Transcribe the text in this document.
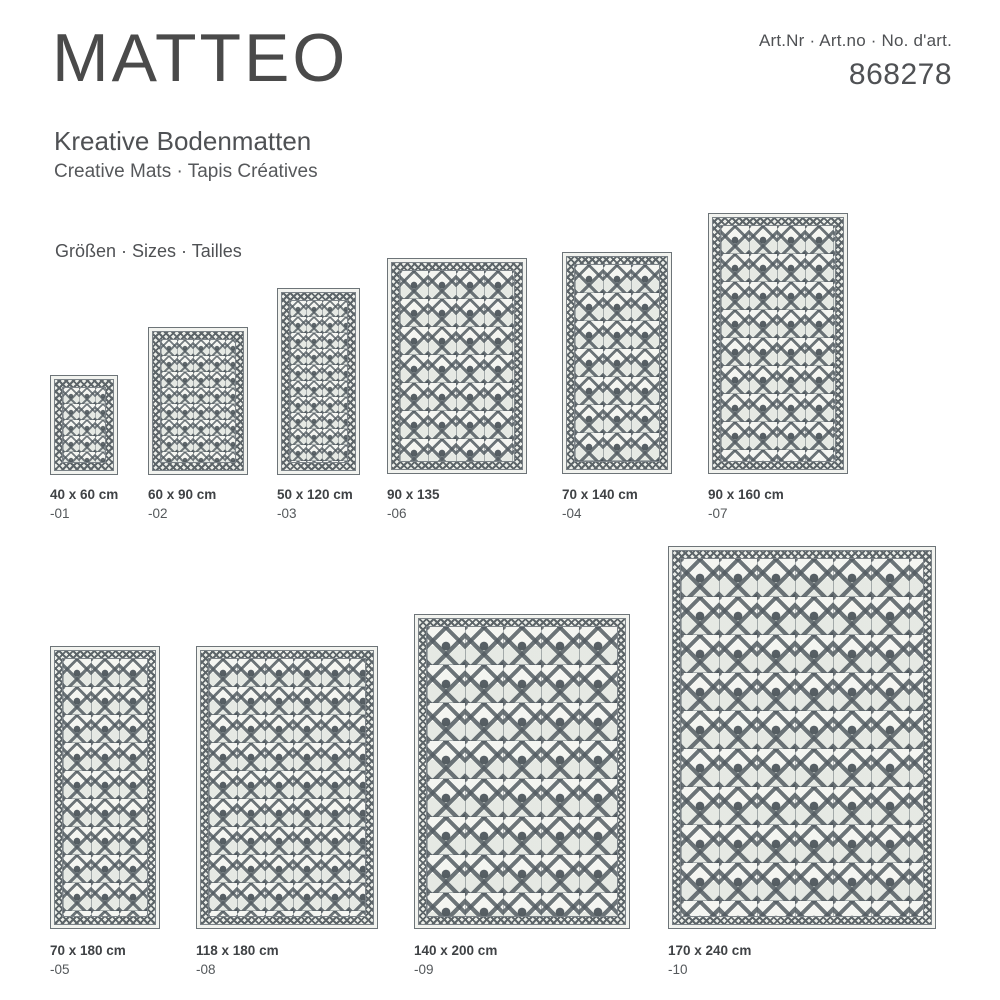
MATTEO
Kreative Bodenmatten
Creative Mats · Tapis Créatives
Art.Nr · Art.no · No. d'art.
868278
Größen · Sizes · Tailles
40 x 60 cm
-01
60 x 90 cm
-02
50 x 120 cm
-03
90 x 135
-06
70 x 140 cm
-04
90 x 160 cm
-07
70 x 180 cm
-05
118 x 180 cm
-08
140 x 200 cm
-09
170 x 240 cm
-10
